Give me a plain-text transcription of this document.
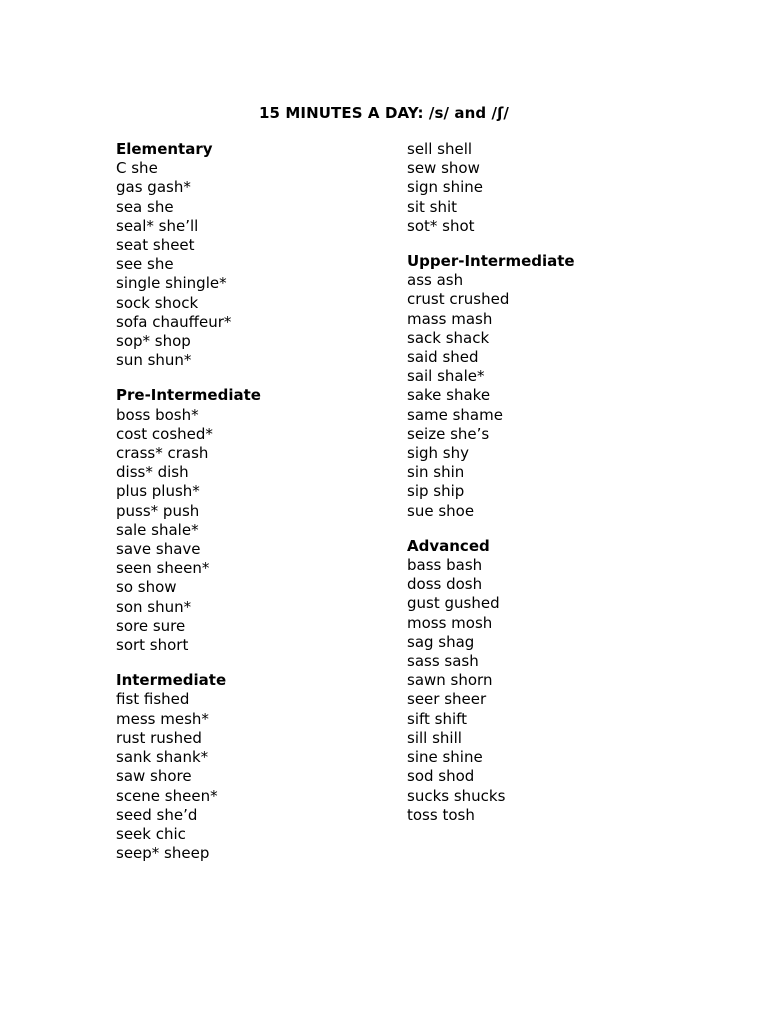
15 MINUTES A DAY: /s/ and /ʃ/
Elementary
C she
gas gash*
sea she
seal* she’ll
seat sheet
see she
single shingle*
sock shock
sofa chauffeur*
sop* shop
sun shun*
Pre-Intermediate
boss bosh*
cost coshed*
crass* crash
diss* dish
plus plush*
puss* push
sale shale*
save shave
seen sheen*
so show
son shun*
sore sure
sort short
Intermediate
fist fished
mess mesh*
rust rushed
sank shank*
saw shore
scene sheen*
seed she’d
seek chic
seep* sheep
sell shell
sew show
sign shine
sit shit
sot* shot
Upper-Intermediate
ass ash
crust crushed
mass mash
sack shack
said shed
sail shale*
sake shake
same shame
seize she’s
sigh shy
sin shin
sip ship
sue shoe
Advanced
bass bash
doss dosh
gust gushed
moss mosh
sag shag
sass sash
sawn shorn
seer sheer
sift shift
sill shill
sine shine
sod shod
sucks shucks
toss tosh
